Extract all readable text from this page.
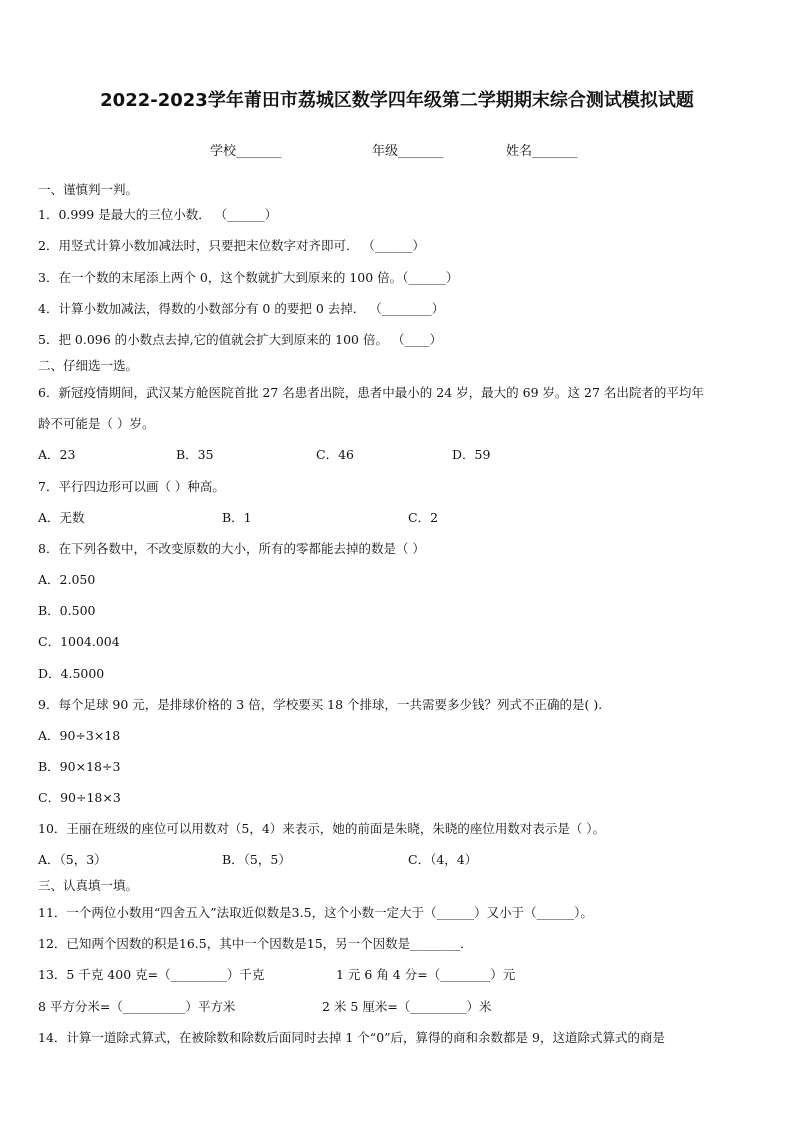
2022-2023学年莆田市荔城区数学四年级第二学期期末综合测试模拟试题
学校_______	年级_______	姓名_______
一、谨慎判一判。
1．0.999 是最大的三位小数． （______）
2．用竖式计算小数加减法时，只要把末位数字对齐即可． （______）
3．在一个数的末尾添上两个 0，这个数就扩大到原来的 100 倍。（______）
4．计算小数加减法，得数的小数部分有 0 的要把 0 去掉． （________）
5．把 0.096 的小数点去掉,它的值就会扩大到原来的 100 倍。 （____）
二、仔细选一选。
6．新冠疫情期间，武汉某方舱医院首批 27 名患者出院，患者中最小的 24 岁，最大的 69 岁。这 27 名出院者的平均年
龄不可能是（ ）岁。
A．23	B．35	C．46	D．59
7．平行四边形可以画（ ）种高。
A．无数	B．1	C．2
8．在下列各数中，不改变原数的大小，所有的零都能去掉的数是（ ）
A．2.050
B．0.500
C．1004.004
D．4.5000
9．每个足球 90 元，是排球价格的 3 倍，学校要买 18 个排球，一共需要多少钱？列式不正确的是( ).
A．90÷3×18
B．90×18÷3
C．90÷18×3
10．王丽在班级的座位可以用数对（5，4）来表示，她的前面是朱晓，朱晓的座位用数对表示是（ ）。
A．（5，3）	B．（5，5）	C．（4，4）
三、认真填一填。
11．一个两位小数用“四舍五入”法取近似数是3.5，这个小数一定大于（______）又小于（______）。
12．已知两个因数的积是16.5，其中一个因数是15，另一个因数是________．
13．5 千克 400 克=（_________）千克	1 元 6 角 4 分=（________）元
8 平方分米=（__________）平方米	2 米 5 厘米=（_________）米
14．计算一道除式算式，在被除数和除数后面同时去掉 1 个“0”后，算得的商和余数都是 9，这道除式算式的商是
